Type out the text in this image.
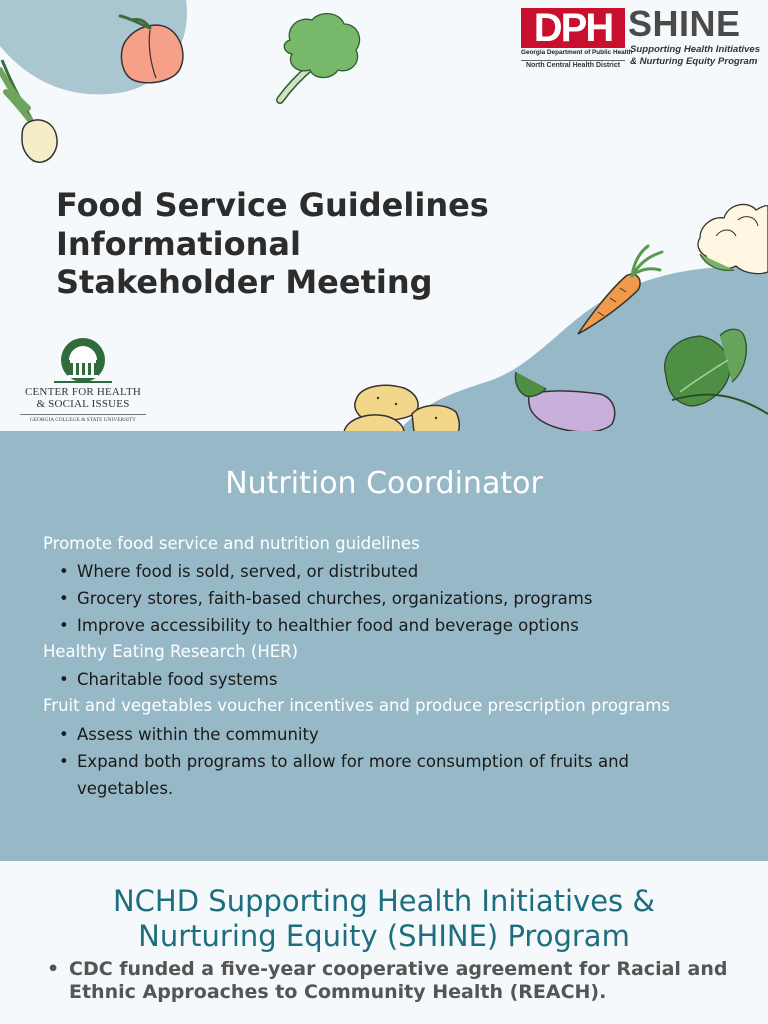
DPH
Georgia Department of Public Health
North Central Health District
SHINE
Supporting Health Initiatives
& Nurturing Equity Program
Food Service Guidelines
Informational
Stakeholder Meeting
CENTER FOR HEALTH
& SOCIAL ISSUES
GEORGIA COLLEGE & STATE UNIVERSITY
Nutrition Coordinator
Promote food service and nutrition guidelines
• Where food is sold, served, or distributed
• Grocery stores, faith-based churches, organizations, programs
• Improve accessibility to healthier food and beverage options
Healthy Eating Research (HER)
• Charitable food systems
Fruit and vegetables voucher incentives and produce prescription programs
• Assess within the community
• Expand both programs to allow for more consumption of fruits and
vegetables.
NCHD Supporting Health Initiatives &
Nurturing Equity (SHINE) Program
• CDC funded a five-year cooperative agreement for Racial and
Ethnic Approaches to Community Health (REACH).
